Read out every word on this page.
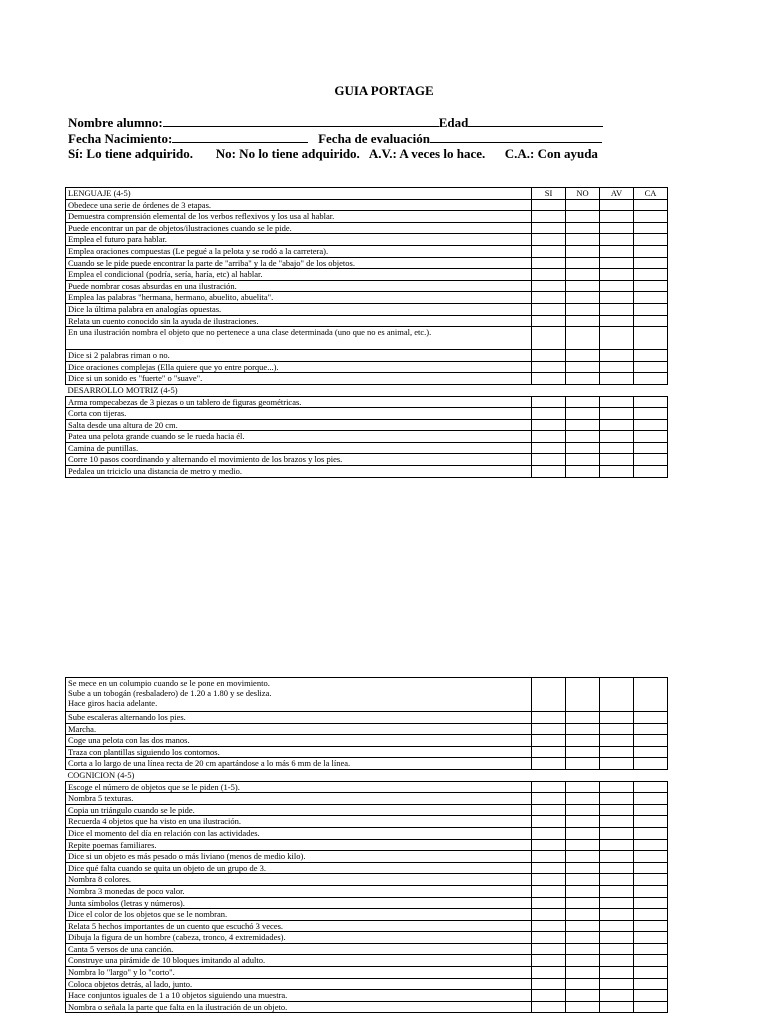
GUIA PORTAGE
Nombre alumno:	Edad
Fecha Nacimiento:	Fecha de evaluación
Sí: Lo tiene adquirido. No: No lo tiene adquirido. A.V.: A veces lo hace. C.A.: Con ayuda
LENGUAJE (4-5)	SI	NO	AV	CA
Obedece una serie de órdenes de 3 etapas.				
Demuestra comprensión elemental de los verbos reflexivos y los usa al hablar.				
Puede encontrar un par de objetos/ilustraciones cuando se le pide.				
Emplea el futuro para hablar.				
Emplea oraciones compuestas (Le pegué a la pelota y se rodó a la carretera).				
Cuando se le pide puede encontrar la parte de "arriba" y la de "abajo" de los objetos.				
Emplea el condicional (podría, sería, haría, etc) al hablar.				
Puede nombrar cosas absurdas en una ilustración.				
Emplea las palabras "hermana, hermano, abuelito, abuelita".				
Dice la última palabra en analogías opuestas.				
Relata un cuento conocido sin la ayuda de ilustraciones.				
En una ilustración nombra el objeto que no pertenece a una clase determinada (uno que no es animal, etc.).				
Dice si 2 palabras riman o no.				
Dice oraciones complejas (Ella quiere que yo entre porque...).				
Dice si un sonido es "fuerte" o "suave".				
DESARROLLO MOTRIZ (4-5)				
Arma rompecabezas de 3 piezas o un tablero de figuras geométricas.				
Corta con tijeras.				
Salta desde una altura de 20 cm.				
Patea una pelota grande cuando se le rueda hacia él.				
Camina de puntillas.				
Corre 10 pasos coordinando y alternando el movimiento de los brazos y los pies.				
Pedalea un triciclo una distancia de metro y medio.				
Se mece en un columpio cuando se le pone en movimiento.
Sube a un tobogán (resbaladero) de 1.20 a 1.80 y se desliza.
Hace giros hacia adelante.				

Sube escaleras alternando los pies.				
Marcha.				
Coge una pelota con las dos manos.				
Traza con plantillas siguiendo los contornos.				
Corta a lo largo de una línea recta de 20 cm apartándose a lo más 6 mm de la línea.				
COGNICION (4-5)				
Escoge el número de objetos que se le piden (1-5).				
Nombra 5 texturas.				
Copia un triángulo cuando se le pide.				
Recuerda 4 objetos que ha visto en una ilustración.				
Dice el momento del día en relación con las actividades.				
Repite poemas familiares.				
Dice si un objeto es más pesado o más liviano (menos de medio kilo).				
Dice qué falta cuando se quita un objeto de un grupo de 3.				
Nombra 8 colores.				
Nombra 3 monedas de poco valor.				
Junta símbolos (letras y números).				
Dice el color de los objetos que se le nombran.				
Relata 5 hechos importantes de un cuento que escuchó 3 veces.				
Dibuja la figura de un hombre (cabeza, tronco, 4 extremidades).				
Canta 5 versos de una canción.				
Construye una pirámide de 10 bloques imitando al adulto.				
Nombra lo "largo" y lo "corto".				
Coloca objetos detrás, al lado, junto.				
Hace conjuntos iguales de 1 a 10 objetos siguiendo una muestra.				
Nombra o señala la parte que falta en la ilustración de un objeto.				
